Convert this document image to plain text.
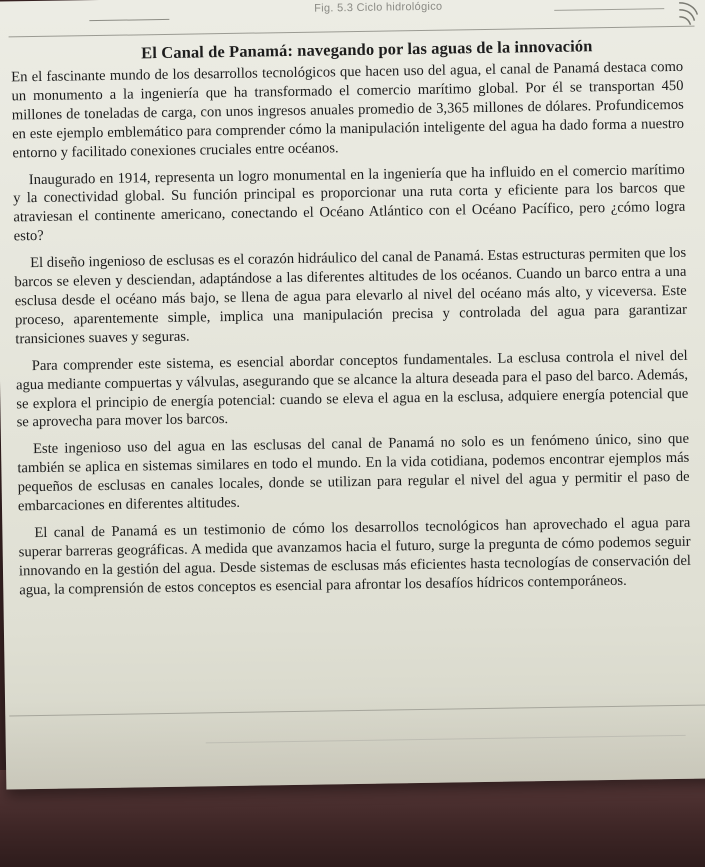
Fig. 5.3 Ciclo hidrológico
El Canal de Panamá: navegando por las aguas de la innovación

En el fascinante mundo de los desarrollos tecnológicos que hacen uso del agua, el canal de Panamá destaca como un monumento a la ingeniería que ha transformado el comercio marítimo global. Por él se transportan 450 millones de toneladas de carga, con unos ingresos anuales promedio de 3,365 millones de dólares. Profundicemos en este ejemplo emblemático para comprender cómo la manipulación inteligente del agua ha dado forma a nuestro entorno y facilitado conexiones cruciales entre océanos.

Inaugurado en 1914, representa un logro monumental en la ingeniería que ha influido en el comercio marítimo y la conectividad global. Su función principal es proporcionar una ruta corta y eficiente para los barcos que atraviesan el continente americano, conectando el Océano Atlántico con el Océano Pacífico, pero ¿cómo logra esto?

El diseño ingenioso de esclusas es el corazón hidráulico del canal de Panamá. Estas estructuras permiten que los barcos se eleven y desciendan, adaptándose a las diferentes altitudes de los océanos. Cuando un barco entra a una esclusa desde el océano más bajo, se llena de agua para elevarlo al nivel del océano más alto, y viceversa. Este proceso, aparentemente simple, implica una manipulación precisa y controlada del agua para garantizar transiciones suaves y seguras.

Para comprender este sistema, es esencial abordar conceptos fundamentales. La esclusa controla el nivel del agua mediante compuertas y válvulas, asegurando que se alcance la altura deseada para el paso del barco. Además, se explora el principio de energía potencial: cuando se eleva el agua en la esclusa, adquiere energía potencial que se aprovecha para mover los barcos.

Este ingenioso uso del agua en las esclusas del canal de Panamá no solo es un fenómeno único, sino que también se aplica en sistemas similares en todo el mundo. En la vida cotidiana, podemos encontrar ejemplos más pequeños de esclusas en canales locales, donde se utilizan para regular el nivel del agua y permitir el paso de embarcaciones en diferentes altitudes.

El canal de Panamá es un testimonio de cómo los desarrollos tecnológicos han aprovechado el agua para superar barreras geográficas. A medida que avanzamos hacia el futuro, surge la pregunta de cómo podemos seguir innovando en la gestión del agua. Desde sistemas de esclusas más eficientes hasta tecnologías de conservación del agua, la comprensión de estos conceptos es esencial para afrontar los desafíos hídricos contemporáneos.
